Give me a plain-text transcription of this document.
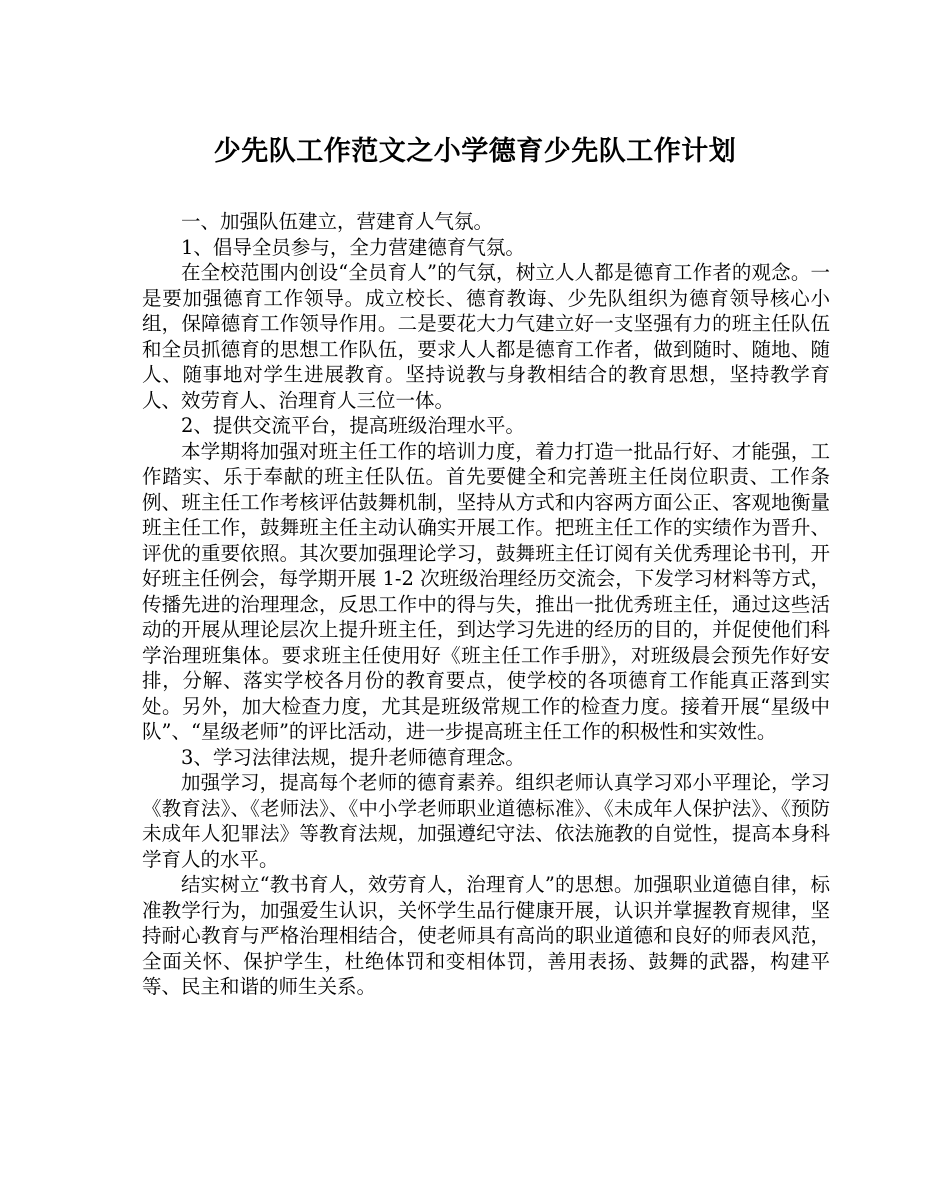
少先队工作范文之小学德育少先队工作计划

一、加强队伍建立，营建育人气氛。

1、倡导全员参与，全力营建德育气氛。

在全校范围内创设“全员育人”的气氛，树立人人都是德育工作者的观念。一是要加强德育工作领导。成立校长、德育教诲、少先队组织为德育领导核心小组，保障德育工作领导作用。二是要花大力气建立好一支坚强有力的班主任队伍和全员抓德育的思想工作队伍，要求人人都是德育工作者，做到随时、随地、随人、随事地对学生进展教育。坚持说教与身教相结合的教育思想，坚持教学育人、效劳育人、治理育人三位一体。

2、提供交流平台，提高班级治理水平。

本学期将加强对班主任工作的培训力度，着力打造一批品行好、才能强，工作踏实、乐于奉献的班主任队伍。首先要健全和完善班主任岗位职责、工作条例、班主任工作考核评估鼓舞机制，坚持从方式和内容两方面公正、客观地衡量班主任工作，鼓舞班主任主动认确实开展工作。把班主任工作的实绩作为晋升、评优的重要依照。其次要加强理论学习，鼓舞班主任订阅有关优秀理论书刊，开好班主任例会，每学期开展 1-2 次班级治理经历交流会，下发学习材料等方式，传播先进的治理理念，反思工作中的得与失，推出一批优秀班主任，通过这些活动的开展从理论层次上提升班主任，到达学习先进的经历的目的，并促使他们科学治理班集体。要求班主任使用好《班主任工作手册》，对班级晨会预先作好安排，分解、落实学校各月份的教育要点，使学校的各项德育工作能真正落到实处。另外，加大检查力度，尤其是班级常规工作的检查力度。接着开展“星级中队”、“星级老师”的评比活动，进一步提高班主任工作的积极性和实效性。

3、学习法律法规，提升老师德育理念。

加强学习，提高每个老师的德育素养。组织老师认真学习邓小平理论，学习《教育法》、《老师法》、《中小学老师职业道德标准》、《未成年人保护法》、《预防未成年人犯罪法》等教育法规，加强遵纪守法、依法施教的自觉性，提高本身科学育人的水平。

结实树立“教书育人，效劳育人，治理育人”的思想。加强职业道德自律，标准教学行为，加强爱生认识，关怀学生品行健康开展，认识并掌握教育规律，坚持耐心教育与严格治理相结合，使老师具有高尚的职业道德和良好的师表风范，全面关怀、保护学生，杜绝体罚和变相体罚，善用表扬、鼓舞的武器，构建平等、民主和谐的师生关系。
